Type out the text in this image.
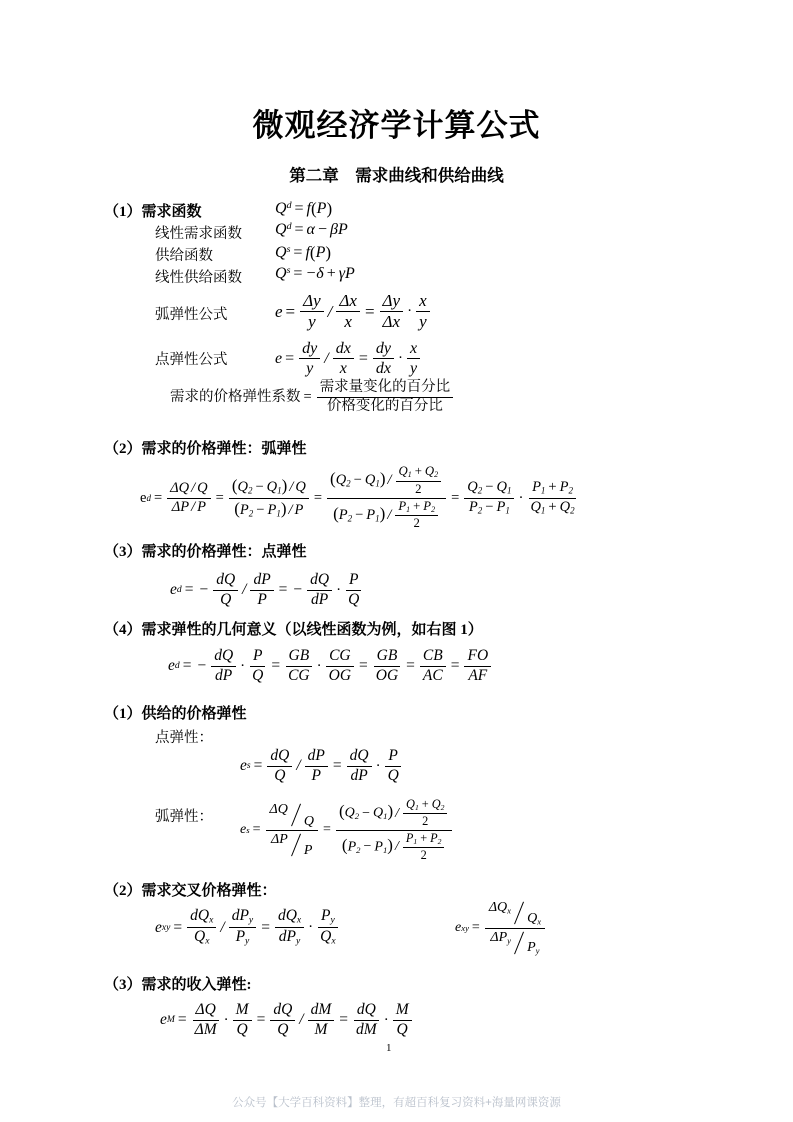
微观经济学计算公式
第二章　需求曲线和供给曲线
（1）需求函数
线性需求函数
供给函数
线性供给函数
弧弹性公式
点弹性公式
$Q^d = f$ ( P )
$Q^d = \alpha - \beta P$
$Q^s = f$ ( P )
$Q^s = -\delta + \gamma P$
$e = \frac{\Delta y}{y} / \frac{\Delta x}{x} = \frac{\Delta y}{\Delta x} \cdot \frac{x}{y}$
$e = \frac{dy}{y} / \frac{dx}{x} = \frac{dy}{dx} \cdot \frac{x}{y}$
需求的价格弹性系数 = $\frac{\text{需求量变化的百分比}}{\text{价格变化的百分比}}$
（2）需求的价格弹性：弧弹性
e $d = \frac{\Delta Q / Q}{\Delta P / P} = \frac{(Q_2 - Q_1) / Q}{(P_2 - P_1) / P} = \frac{(Q_2 - Q_1) / \frac{Q_1 + Q_2}{2}}{(P_2 - P_1) / \frac{P_1 + P_2}{2}} = \frac{Q_2 - Q_1}{P_2 - P_1} \cdot \frac{P_1 + P_2}{Q_1 + Q_2}$
（3）需求的价格弹性：点弹性
e d = − $\frac{dQ}{Q} / \frac{dP}{P}$ = − $\frac{dQ}{dP} \cdot \frac{P}{Q}$
（4）需求弹性的几何意义（以线性函数为例，如右图 1）
e d = − $\frac{dQ}{dP} \cdot \frac{P}{Q} = \frac{GB}{CG} \cdot \frac{CG}{OG} = \frac{GB}{OG} = \frac{CB}{AC} = \frac{FO}{AF}$
（1）供给的价格弹性
点弹性：
e $s = \frac{dQ}{Q} / \frac{dP}{P} = \frac{dQ}{dP} \cdot \frac{P}{Q}$
弧弹性：
e s = ΔQ
Q
ΔP
$P = \frac{(Q_2 - Q_1) / \frac{Q_1 + Q_2}{2}}{(P_2 - P_1) / \frac{P_1 + P_2}{2}}$
（2）需求交叉价格弹性：
e xy = $\frac{dQ_x}{Q_x} / \frac{dP_y}{P_y} = \frac{dQ_x}{dP_y} \cdot \frac{P_y}{Q_x}$	e xy = $\Delta Q_x$
$Q_x$
$\Delta P_y$
$P_y$
（3）需求的收入弹性:
e $M = \frac{\Delta Q}{\Delta M} \cdot \frac{M}{Q} = \frac{dQ}{Q} / \frac{dM}{M} = \frac{dQ}{dM} \cdot \frac{M}{Q}$
1
公众号【大学百科资料】整理，有超百科复习资料+海量网课资源
